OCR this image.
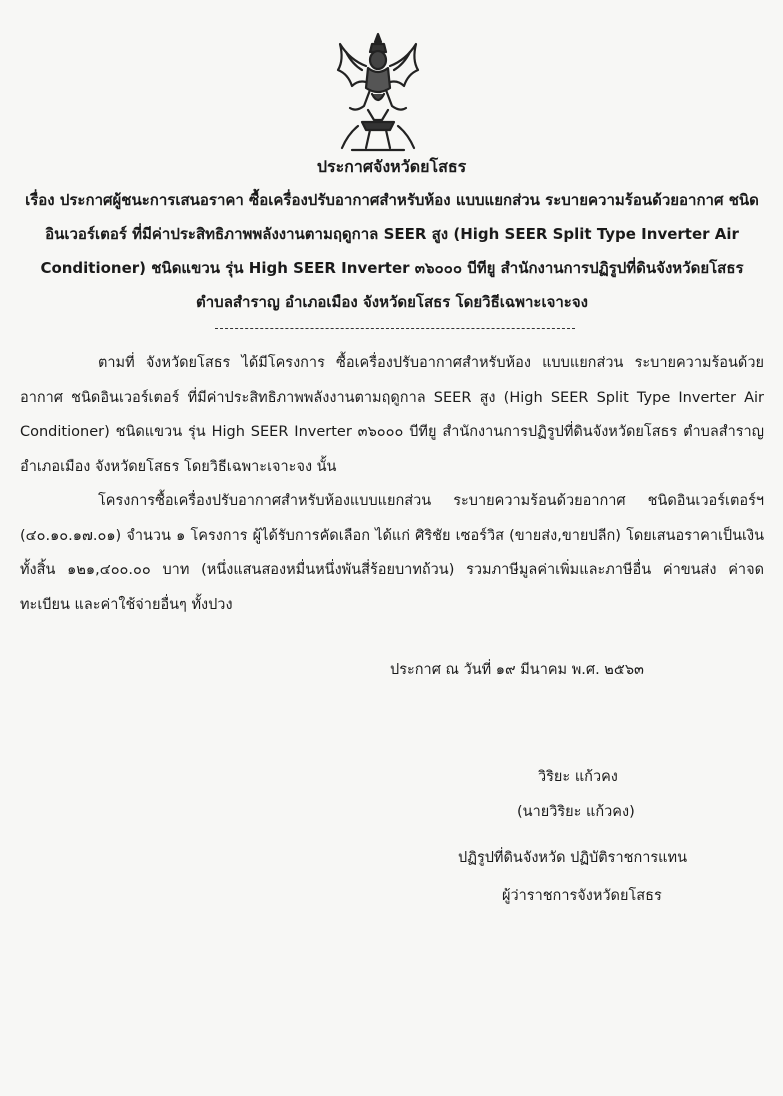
ประกาศจังหวัดยโสธร
เรื่อง ประกาศผู้ชนะการเสนอราคา ซื้อเครื่องปรับอากาศสำหรับห้อง แบบแยกส่วน ระบายความร้อนด้วยอากาศ ชนิดอินเวอร์เตอร์ ที่มีค่าประสิทธิภาพพลังงานตามฤดูกาล SEER สูง (High SEER Split Type Inverter Air Conditioner) ชนิดแขวน รุ่น High SEER Inverter ๓๖๐๐๐ บีทียู สำนักงานการปฏิรูปที่ดินจังหวัดยโสธร ตำบลสำราญ อำเภอเมือง จังหวัดยโสธร โดยวิธีเฉพาะเจาะจง
ตามที่ จังหวัดยโสธร ได้มีโครงการ ซื้อเครื่องปรับอากาศสำหรับห้อง แบบแยกส่วน ระบายความร้อนด้วยอากาศ ชนิดอินเวอร์เตอร์ ที่มีค่าประสิทธิภาพพลังงานตามฤดูกาล SEER สูง (High SEER Split Type Inverter Air Conditioner) ชนิดแขวน รุ่น High SEER Inverter ๓๖๐๐๐ บีทียู สำนักงานการปฏิรูปที่ดินจังหวัดยโสธร ตำบลสำราญ อำเภอเมือง จังหวัดยโสธร โดยวิธีเฉพาะเจาะจง นั้น
โครงการซื้อเครื่องปรับอากาศสำหรับห้องแบบแยกส่วน ระบายความร้อนด้วยอากาศ ชนิดอินเวอร์เตอร์ฯ (๔๐.๑๐.๑๗.๐๑) จำนวน ๑ โครงการ ผู้ได้รับการคัดเลือก ได้แก่ ศิริชัย เซอร์วิส (ขายส่ง,ขายปลีก) โดยเสนอราคาเป็นเงินทั้งสิ้น ๑๒๑,๔๐๐.๐๐ บาท (หนึ่งแสนสองหมื่นหนึ่งพันสี่ร้อยบาทถ้วน) รวมภาษีมูลค่าเพิ่มและภาษีอื่น ค่าขนส่ง ค่าจดทะเบียน และค่าใช้จ่ายอื่นๆ ทั้งปวง
ประกาศ ณ วันที่ ๑๙ มีนาคม พ.ศ. ๒๕๖๓
วิริยะ แก้วคง
(นายวิริยะ แก้วคง)
ปฏิรูปที่ดินจังหวัด ปฏิบัติราชการแทน
ผู้ว่าราชการจังหวัดยโสธร
